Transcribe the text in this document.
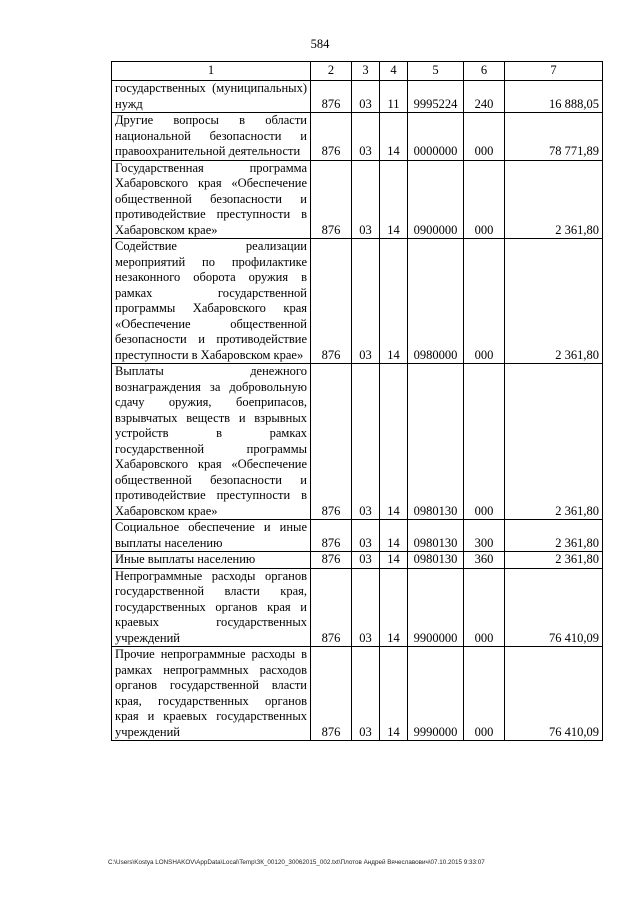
584
1	2	3	4	5	6	7
государственных (муниципальных) нужд	876	03	11	9995224	240	16 888,05
Другие вопросы в области национальной безопасности и правоохранительной деятельности	876	03	14	0000000	000	78 771,89
Государственная программа Хабаровского края «Обеспечение общественной безопасности и противодействие преступности в Хабаровском крае»	876	03	14	0900000	000	2 361,80
Содействие реализации мероприятий по профилактике незаконного оборота оружия в рамках государственной программы Хабаровского края «Обеспечение общественной безопасности и противодействие преступности в Хабаровском крае»	876	03	14	0980000	000	2 361,80
Выплаты денежного вознаграждения за добровольную сдачу оружия, боеприпасов, взрывчатых веществ и взрывных устройств в рамках государственной программы Хабаровского края «Обеспечение общественной безопасности и противодействие преступности в Хабаровском крае»	876	03	14	0980130	000	2 361,80
Социальное обеспечение и иные выплаты населению	876	03	14	0980130	300	2 361,80
Иные выплаты населению	876	03	14	0980130	360	2 361,80
Непрограммные расходы органов государственной власти края, государственных органов края и краевых государственных учреждений	876	03	14	9900000	000	76 410,09
Прочие непрограммные расходы в рамках непрограммных расходов органов государственной власти края, государственных органов края и краевых государственных учреждений	876	03	14	9990000	000	76 410,09
C:\Users\Kostya LONSHAKOV\AppData\Local\Temp\ЗК_00120_30062015_002.txt\Плотов Андрей Вячеславович\07.10.2015 9:33:07
